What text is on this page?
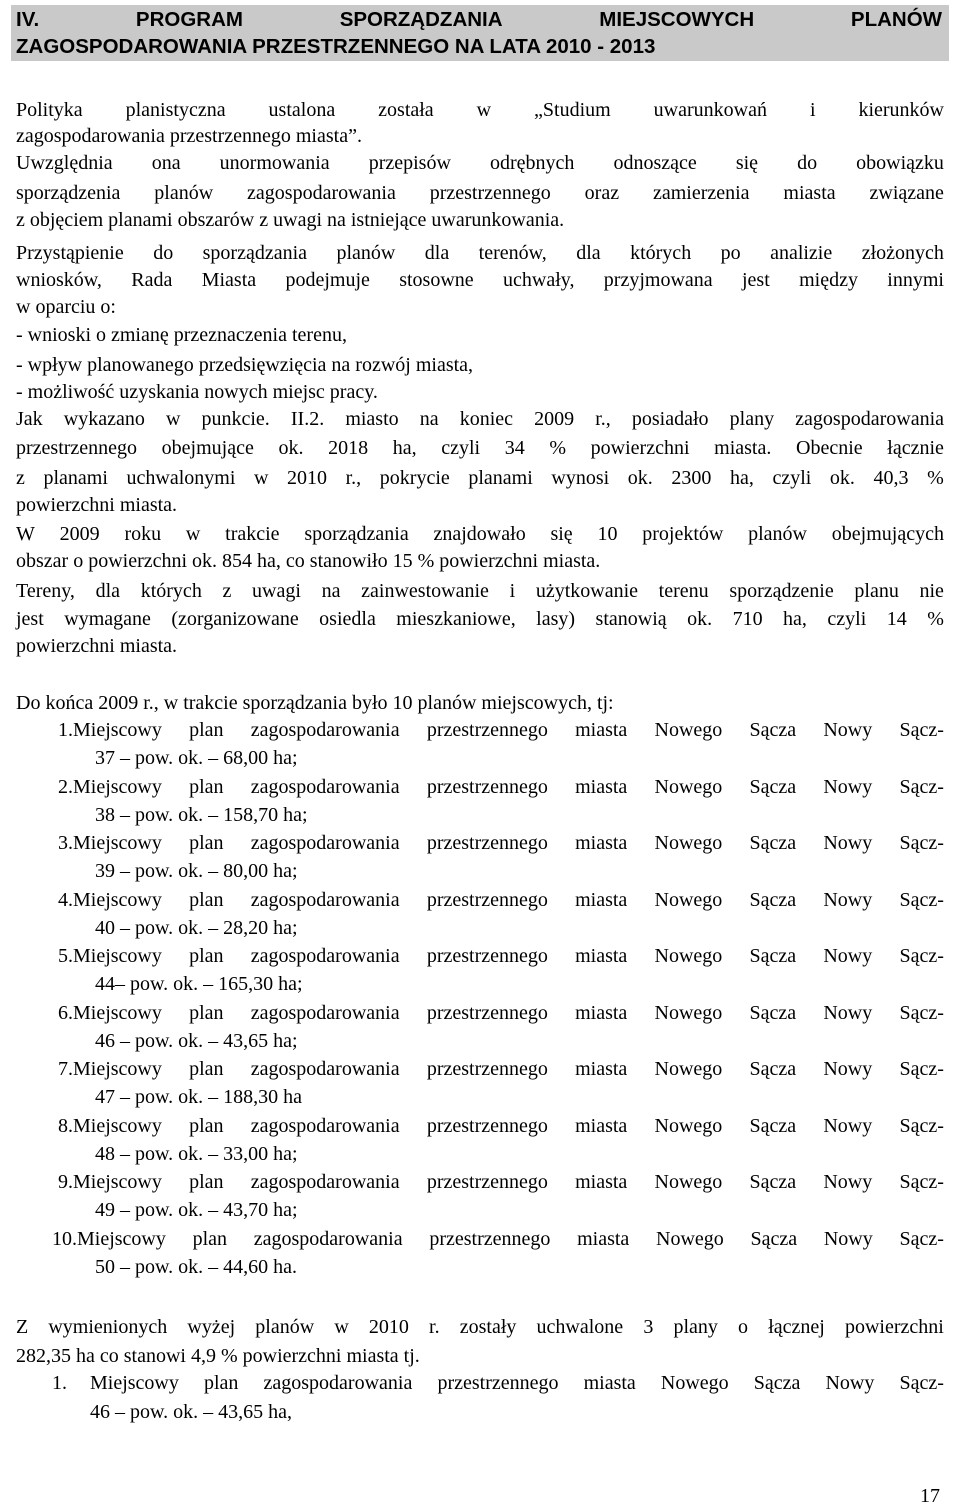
IV.	PROGRAM	SPORZĄDZANIA	MIEJSCOWYCH	PLANÓW
ZAGOSPODAROWANIA PRZESTRZENNEGO NA LATA 2010 - 2013
Polityka planistyczna ustalona została w „Studium uwarunkowań i kierunków
zagospodarowania przestrzennego miasta”.
Uwzględnia ona unormowania przepisów odrębnych odnoszące się do obowiązku
sporządzenia planów zagospodarowania przestrzennego oraz zamierzenia miasta związane
z objęciem planami obszarów z uwagi na istniejące uwarunkowania.
Przystąpienie do sporządzania planów dla terenów, dla których po analizie złożonych
wniosków, Rada Miasta podejmuje stosowne uchwały, przyjmowana jest między innymi
w oparciu o:
- wnioski o zmianę przeznaczenia terenu,
- wpływ planowanego przedsięwzięcia na rozwój miasta,
- możliwość uzyskania nowych miejsc pracy.
Jak wykazano w punkcie. II.2. miasto na koniec 2009 r., posiadało plany zagospodarowania
przestrzennego obejmujące ok. 2018 ha, czyli 34 % powierzchni miasta. Obecnie łącznie
z planami uchwalonymi w 2010 r., pokrycie planami wynosi ok. 2300 ha, czyli ok. 40,3 %
powierzchni miasta.
W 2009 roku w trakcie sporządzania znajdowało się 10 projektów planów obejmujących
obszar o powierzchni ok. 854 ha, co stanowiło 15 % powierzchni miasta.
Tereny, dla których z uwagi na zainwestowanie i użytkowanie terenu sporządzenie planu nie
jest wymagane (zorganizowane osiedla mieszkaniowe, lasy) stanowią ok. 710 ha, czyli 14 %
powierzchni miasta.
Do końca 2009 r., w trakcie sporządzania było 10 planów miejscowych, tj:
1.Miejscowy plan zagospodarowania przestrzennego miasta Nowego Sącza Nowy Sącz-
37 – pow. ok. – 68,00 ha;
2.Miejscowy plan zagospodarowania przestrzennego miasta Nowego Sącza Nowy Sącz-
38 – pow. ok. – 158,70 ha;
3.Miejscowy plan zagospodarowania przestrzennego miasta Nowego Sącza Nowy Sącz-
39 – pow. ok. – 80,00 ha;
4.Miejscowy plan zagospodarowania przestrzennego miasta Nowego Sącza Nowy Sącz-
40 – pow. ok. – 28,20 ha;
5.Miejscowy plan zagospodarowania przestrzennego miasta Nowego Sącza Nowy Sącz-
44– pow. ok. – 165,30 ha;
6.Miejscowy plan zagospodarowania przestrzennego miasta Nowego Sącza Nowy Sącz-
46 – pow. ok. – 43,65 ha;
7.Miejscowy plan zagospodarowania przestrzennego miasta Nowego Sącza Nowy Sącz-
47 – pow. ok. – 188,30 ha
8.Miejscowy plan zagospodarowania przestrzennego miasta Nowego Sącza Nowy Sącz-
48 – pow. ok. – 33,00 ha;
9.Miejscowy plan zagospodarowania przestrzennego miasta Nowego Sącza Nowy Sącz-
49 – pow. ok. – 43,70 ha;
10.Miejscowy plan zagospodarowania przestrzennego miasta Nowego Sącza Nowy Sącz-
50 – pow. ok. – 44,60 ha.
Z wymienionych wyżej planów w 2010 r. zostały uchwalone 3 plany o łącznej powierzchni
282,35 ha co stanowi 4,9 % powierzchni miasta tj.
1.	Miejscowy plan zagospodarowania przestrzennego miasta Nowego Sącza Nowy Sącz-
46 – pow. ok. – 43,65 ha,
17
